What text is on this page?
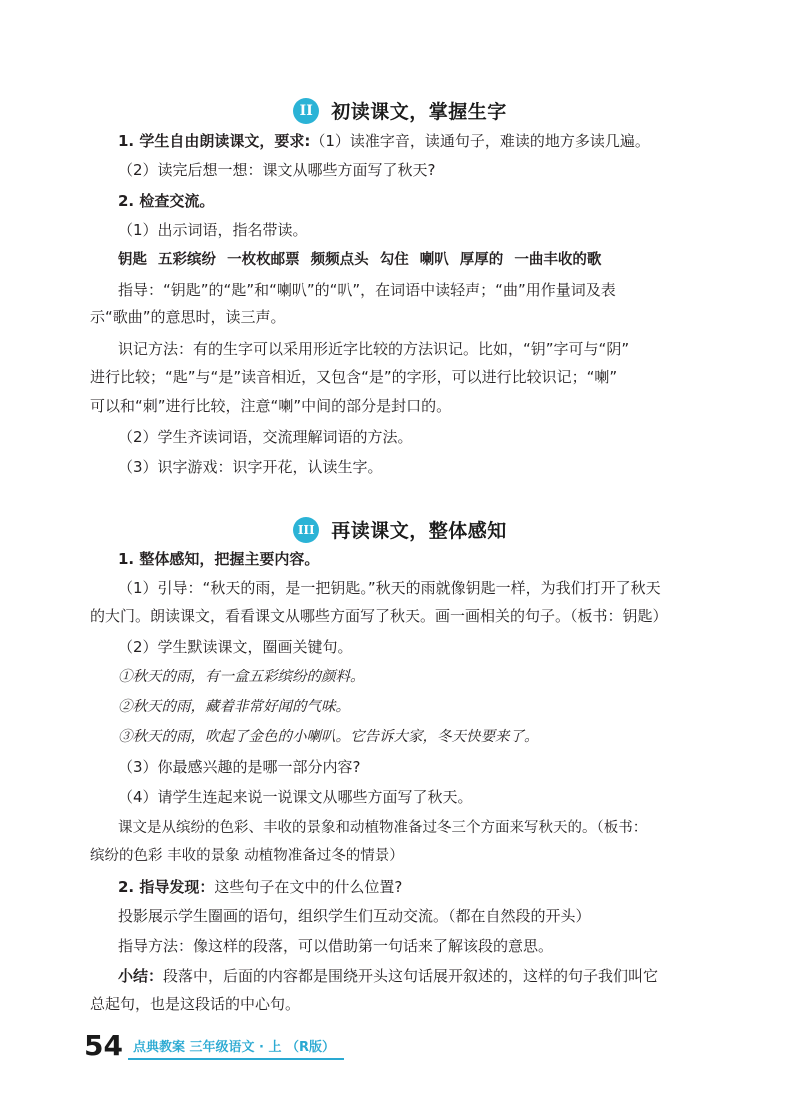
II 初读课文，掌握生字
1. 学生自由朗读课文，要求:（1）读准字音，读通句子，难读的地方多读几遍。
（2）读完后想一想：课文从哪些方面写了秋天?
2. 检查交流。
（1）出示词语，指名带读。
钥匙 五彩缤纷 一枚枚邮票 频频点头 勾住 喇叭 厚厚的 一曲丰收的歌
指导：“钥匙”的“匙”和“喇叭”的“叭”，在词语中读轻声；“曲”用作量词及表
示“歌曲”的意思时，读三声。
识记方法：有的生字可以采用形近字比较的方法识记。比如，“钥”字可与“阴”
进行比较；“匙”与“是”读音相近，又包含“是”的字形，可以进行比较识记；“喇”
可以和“刺”进行比较，注意“喇”中间的部分是封口的。
（2）学生齐读词语，交流理解词语的方法。
（3）识字游戏：识字开花，认读生字。
III 再读课文，整体感知
1. 整体感知，把握主要内容。
（1）引导：“秋天的雨，是一把钥匙。”秋天的雨就像钥匙一样，为我们打开了秋天
的大门。朗读课文，看看课文从哪些方面写了秋天。画一画相关的句子。（板书：钥匙）
（2）学生默读课文，圈画关键句。
①秋天的雨，有一盒五彩缤纷的颜料。
②秋天的雨，藏着非常好闻的气味。
③秋天的雨，吹起了金色的小喇叭。它告诉大家，冬天快要来了。
（3）你最感兴趣的是哪一部分内容?
（4）请学生连起来说一说课文从哪些方面写了秋天。
课文是从缤纷的色彩、丰收的景象和动植物准备过冬三个方面来写秋天的。（板书：
缤纷的色彩 丰收的景象 动植物准备过冬的情景）
2. 指导发现：这些句子在文中的什么位置?
投影展示学生圈画的语句，组织学生们互动交流。（都在自然段的开头）
指导方法：像这样的段落，可以借助第一句话来了解该段的意思。
小结：段落中，后面的内容都是围绕开头这句话展开叙述的，这样的句子我们叫它
总起句，也是这段话的中心句。
54 点典教案 三年级语文 · 上 （R版）
